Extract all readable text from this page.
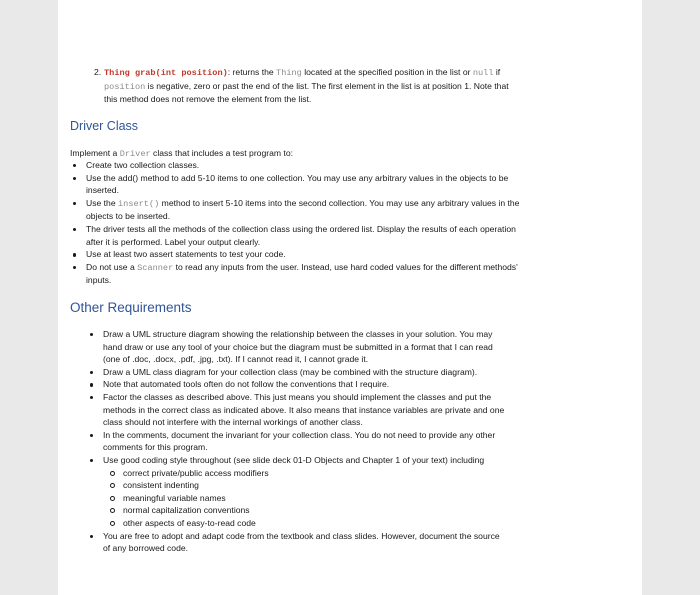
2. Thing grab(int position): returns the Thing located at the specified position in the list or null if position is negative, zero or past the end of the list. The first element in the list is at position 1. Note that this method does not remove the element from the list.
Driver Class
Implement a Driver class that includes a test program to:
Create two collection classes.
Use the add() method to add 5-10 items to one collection. You may use any arbitrary values in the objects to be inserted.
Use the insert() method to insert 5-10 items into the second collection. You may use any arbitrary values in the objects to be inserted.
The driver tests all the methods of the collection class using the ordered list. Display the results of each operation after it is performed. Label your output clearly.
Use at least two assert statements to test your code.
Do not use a Scanner to read any inputs from the user. Instead, use hard coded values for the different methods' inputs.
Other Requirements
Draw a UML structure diagram showing the relationship between the classes in your solution. You may hand draw or use any tool of your choice but the diagram must be submitted in a format that I can read (one of .doc, .docx, .pdf, .jpg, .txt). If I cannot read it, I cannot grade it.
Draw a UML class diagram for your collection class (may be combined with the structure diagram).
Note that automated tools often do not follow the conventions that I require.
Factor the classes as described above. This just means you should implement the classes and put the methods in the correct class as indicated above. It also means that instance variables are private and one class should not interfere with the internal workings of another class.
In the comments, document the invariant for your collection class. You do not need to provide any other comments for this program.
Use good coding style throughout (see slide deck 01-D Objects and Chapter 1 of your text) including
correct private/public access modifiers
consistent indenting
meaningful variable names
normal capitalization conventions
other aspects of easy-to-read code
You are free to adopt and adapt code from the textbook and class slides. However, document the source of any borrowed code.
